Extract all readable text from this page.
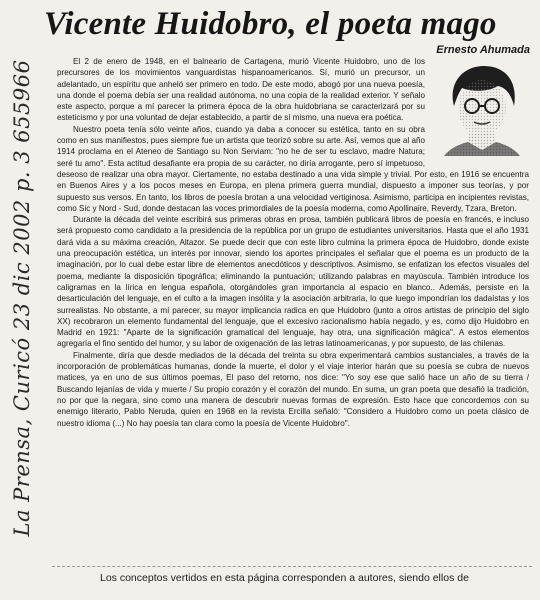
Vicente Huidobro, el poeta mago
Ernesto Ahumada
La Prensa, Curicó 23 dic 2002 p. 3 655966	El 2 de enero de 1948, en el balneario de Cartagena, murió Vicente Huidobro, uno de los precursores de los movimientos vanguardistas hispanoamericanos. Sí, murió un precursor, un adelantado, un espíritu que anheló ser primero en todo. De este modo, abogó por una nueva poesía, una donde el poema debía ser una realidad autónoma, no una copia de la realidad exterior. Y señalo este aspecto, porque a mí parecer la primera época de la obra huidobriana se caracterizará por su esteticismo y por una voluntad de dejar establecido, a partir de sí mismo, una nueva era poética.

Nuestro poeta tenía sólo veinte años, cuando ya daba a conocer su estética, tanto en su obra como en sus manifiestos, pues siempre fue un artista que teorizó sobre su arte. Así, vemos que al año 1914 proclama en el Ateneo de Santiago su Non Serviam: "no he de ser tu esclavo, madre Natura; seré tu amo". Esta actitud desafiante era propia de su carácter, no diría arrogante, pero sí impetuoso, deseoso de realizar una obra mayor. Ciertamente, no estaba destinado a una vida simple y trivial. Por esto, en 1916 se encuentra en Buenos Aires y a los pocos meses en Europa, en plena primera guerra mundial, dispuesto a imponer sus teorías, y por supuesto sus versos. En tanto, los libros de poesía brotan a una velocidad vertiginosa. Asimismo, participa en incipientes revistas, como Sic y Nord - Sud, donde destacan las voces primordiales de la poesía moderna, como Apollinaire, Reverdy, Tzara, Breton.

Durante la década del veinte escribirá sus primeras obras en prosa, también publicará libros de poesía en francés, e incluso será propuesto como candidato a la presidencia de la república por un grupo de estudiantes universitarios. Hasta que el año 1931 dará vida a su máxima creación, Altazor. Se puede decir que con este libro culmina la primera época de Huidobro, donde existe una preocupación estética, un interés por innovar, siendo los aportes principales el señalar que el poema es un producto de la imaginación, por lo cual debe estar libre de elementos anecdóticos y descriptivos. Asimismo, se enfatizan los efectos visuales del poema, mediante la disposición tipográfica; eliminando la puntuación; utilizando palabras en mayúscula. También introduce los caligramas en la lírica en lengua española, otorgándoles gran importancia al espacio en blanco.. Además, persiste en la desarticulación del lenguaje, en el culto a la imagen insólita y la asociación arbitraria, lo que luego impondrían los dadaístas y los surrealistas. No obstante, a mí parecer, su mayor implicancia radica en que Huidobro (junto a otros artistas de principio del siglo XX) recobraron un elemento fundamental del lenguaje, que el excesivo racionalismo había negado, y es, como dijo Huidobro en Madrid en 1921: "Aparte de la significación gramatical del lenguaje, hay otra, una significación mágica". A estos elementos agregaría el fino sentido del humor, y su labor de oxigenación de las letras latinoamericanas, y por supuesto, de las chilenas.

Finalmente, diría que desde mediados de la década del treinta su obra experimentará cambios sustanciales, a través de la incorporación de problemáticas humanas, donde la muerte, el dolor y el viaje interior harán que su poesía se cubra de nuevos matices, ya en uno de sus últimos poemas, El paso del retorno, nos dice: "Yo soy ese que salió hace un año de su tierra / Buscando lejanías de vida y muerte / Su propio corazón y el corazón del mundo. En suma, un gran poeta que desafió la tradición, no por que la negara, sino como una manera de descubrir nuevas formas de expresión. Esto hace que concordemos con su enemigo literario, Pablo Neruda, quien en 1968 en la revista Ercilla señaló: "Considero a Huidobro como un poeta clásico de nuestro idioma (...) No hay poesía tan clara como la poesía de Vicente Huidobro".

Los conceptos vertidos en esta página corresponden a autores, siendo ellos de
